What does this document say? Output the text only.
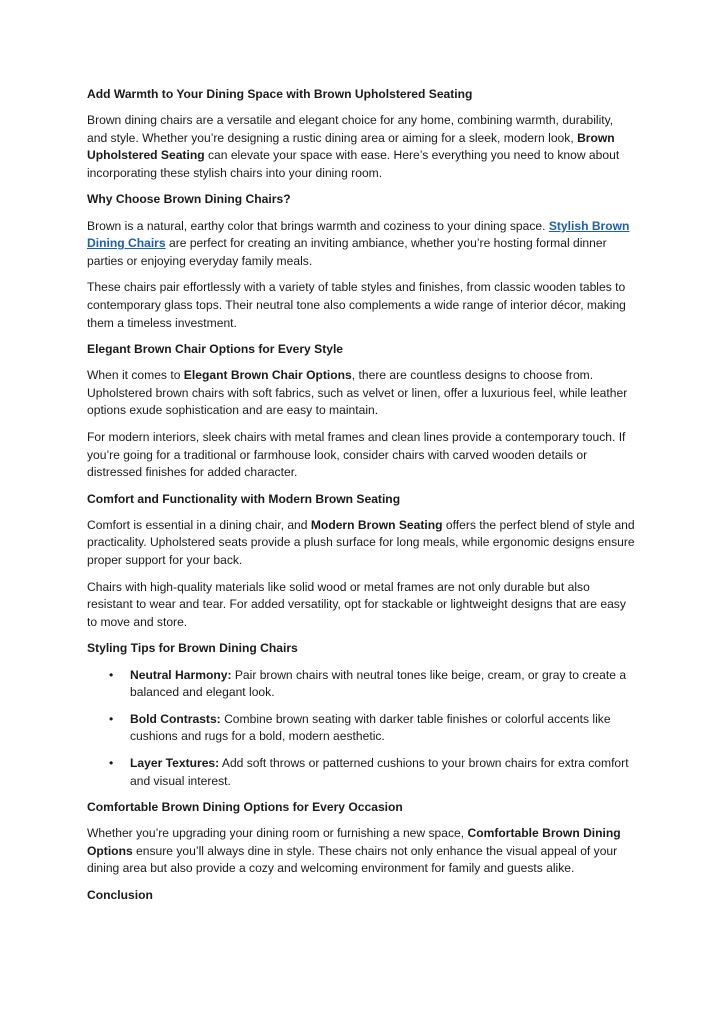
Add Warmth to Your Dining Space with Brown Upholstered Seating

Brown dining chairs are a versatile and elegant choice for any home, combining warmth, durability, and style. Whether you’re designing a rustic dining area or aiming for a sleek, modern look, Brown Upholstered Seating can elevate your space with ease. Here’s everything you need to know about incorporating these stylish chairs into your dining room.

Why Choose Brown Dining Chairs?

Brown is a natural, earthy color that brings warmth and coziness to your dining space. Stylish Brown Dining Chairs are perfect for creating an inviting ambiance, whether you’re hosting formal dinner parties or enjoying everyday family meals.

These chairs pair effortlessly with a variety of table styles and finishes, from classic wooden tables to contemporary glass tops. Their neutral tone also complements a wide range of interior décor, making them a timeless investment.

Elegant Brown Chair Options for Every Style

When it comes to Elegant Brown Chair Options, there are countless designs to choose from. Upholstered brown chairs with soft fabrics, such as velvet or linen, offer a luxurious feel, while leather options exude sophistication and are easy to maintain.

For modern interiors, sleek chairs with metal frames and clean lines provide a contemporary touch. If you’re going for a traditional or farmhouse look, consider chairs with carved wooden details or distressed finishes for added character.

Comfort and Functionality with Modern Brown Seating

Comfort is essential in a dining chair, and Modern Brown Seating offers the perfect blend of style and practicality. Upholstered seats provide a plush surface for long meals, while ergonomic designs ensure proper support for your back.

Chairs with high-quality materials like solid wood or metal frames are not only durable but also resistant to wear and tear. For added versatility, opt for stackable or lightweight designs that are easy to move and store.

Styling Tips for Brown Dining Chairs

• Neutral Harmony: Pair brown chairs with neutral tones like beige, cream, or gray to create a balanced and elegant look.
• Bold Contrasts: Combine brown seating with darker table finishes or colorful accents like cushions and rugs for a bold, modern aesthetic.
• Layer Textures: Add soft throws or patterned cushions to your brown chairs for extra comfort and visual interest.

Comfortable Brown Dining Options for Every Occasion

Whether you’re upgrading your dining room or furnishing a new space, Comfortable Brown Dining Options ensure you’ll always dine in style. These chairs not only enhance the visual appeal of your dining area but also provide a cozy and welcoming environment for family and guests alike.

Conclusion
